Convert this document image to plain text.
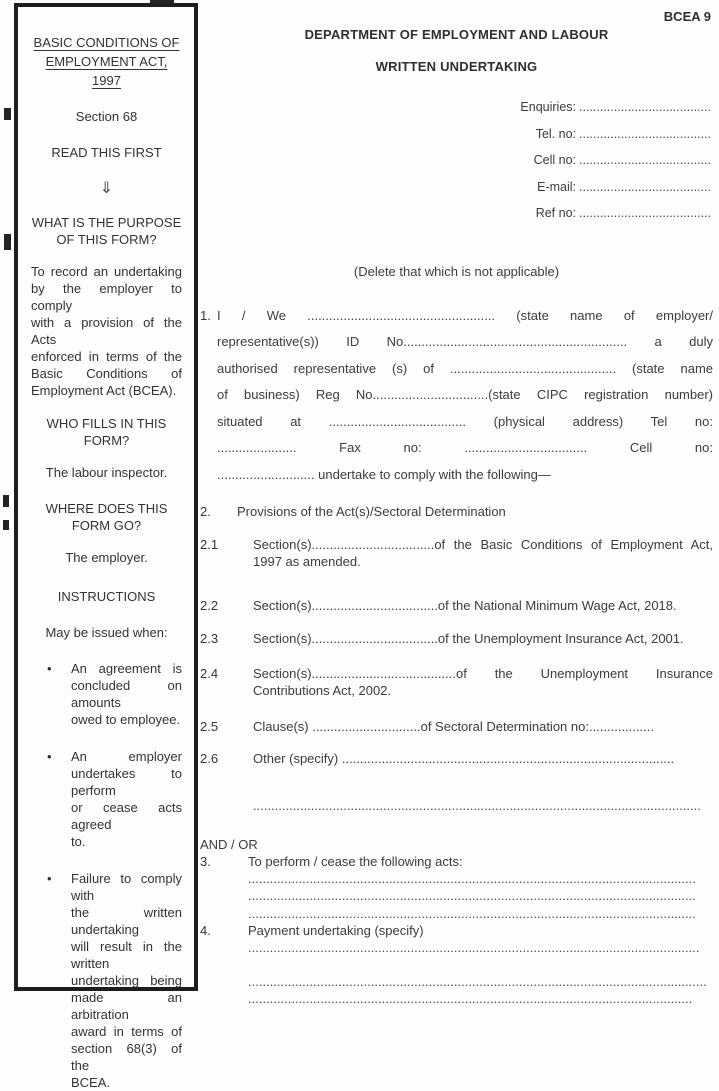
BASIC CONDITIONS OF
EMPLOYMENT ACT, 1997
Section 68
READ THIS FIRST
⇓
WHAT IS THE PURPOSE
OF THIS FORM?
To record an undertaking
by the employer to comply
with a provision of the Acts
enforced in terms of the
Basic Conditions of
Employment Act (BCEA).
WHO FILLS IN THIS
FORM?
The labour inspector.
WHERE DOES THIS
FORM GO?
The employer.
INSTRUCTIONS
May be issued when:
•	An agreement is
concluded on amounts
owed to employee.
•	An employer
undertakes to perform
or cease acts agreed
to.
•	Failure to comply with
the written undertaking
will result in the written
undertaking being
made an arbitration
award in terms of
section 68(3) of the
BCEA.
BCEA 9
DEPARTMENT OF EMPLOYMENT AND LABOUR
WRITTEN UNDERTAKING
Enquiries: ......................................
Tel. no: ......................................
Cell no: ......................................
E-mail: ......................................
Ref no: ......................................
(Delete that which is not applicable)
1. I / We .................................................... (state name of employer/
representative(s)) ID No.............................................................. a duly
authorised representative (s) of .............................................. (state name
of business) Reg No................................(state CIPC registration number)
situated at ...................................... (physical address) Tel no:
...................... Fax no: .................................. Cell no:
........................... undertake to comply with the following—
2.	Provisions of the Act(s)/Sectoral Determination
2.1	Section(s)..................................of the Basic Conditions of Employment Act,
1997 as amended.
2.2	Section(s)...................................of the National Minimum Wage Act, 2018.
2.3	Section(s)...................................of the Unemployment Insurance Act, 2001.
2.4	Section(s)........................................of the Unemployment Insurance
Contributions Act, 2002.
2.5	Clause(s) ..............................of Sectoral Determination no:..................
2.6	Other (specify) ............................................................................................
............................................................................................................................
AND / OR
3.	To perform / cease the following acts:
............................................................................................................................
............................................................................................................................
............................................................................................................................
4.	Payment undertaking (specify)
.............................................................................................................................
...............................................................................................................................
...........................................................................................................................
